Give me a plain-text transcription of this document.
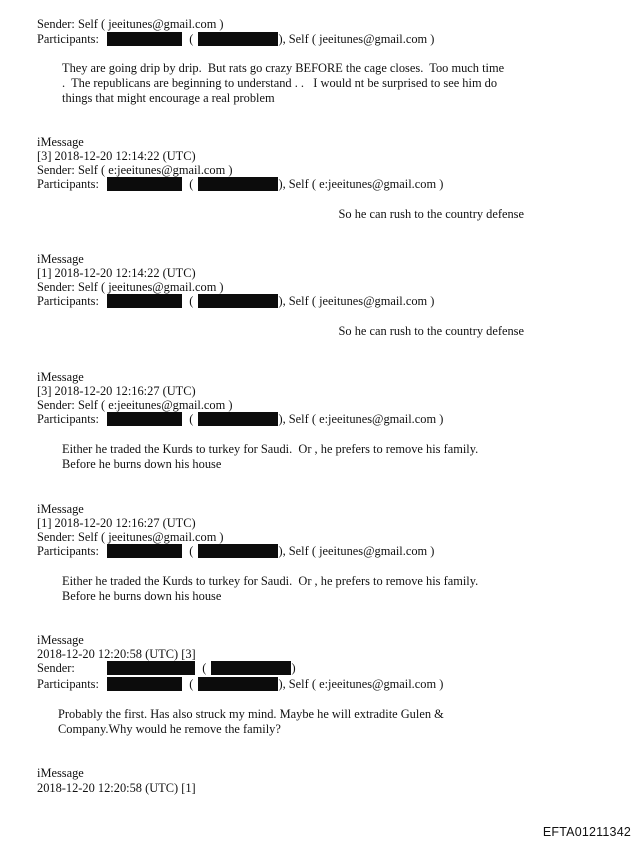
Sender: Self ( jeeitunes@gmail.com )
Participants:	(	), Self ( jeeitunes@gmail.com )
They are going drip by drip.  But rats go crazy BEFORE the cage closes.  Too much time
.  The republicans are beginning to understand . .   I would nt be surprised to see him do
things that might encourage a real problem
iMessage
[3] 2018-12-20 12:14:22 (UTC)
Sender: Self ( e:jeeitunes@gmail.com )
Participants:	(	), Self ( e:jeeitunes@gmail.com )
So he can rush to the country defense
iMessage
[1] 2018-12-20 12:14:22 (UTC)
Sender: Self ( jeeitunes@gmail.com )
Participants:	(	), Self ( jeeitunes@gmail.com )
So he can rush to the country defense
iMessage
[3] 2018-12-20 12:16:27 (UTC)
Sender: Self ( e:jeeitunes@gmail.com )
Participants:	(	), Self ( e:jeeitunes@gmail.com )
Either he traded the Kurds to turkey for Saudi.  Or , he prefers to remove his family.
Before he burns down his house
iMessage
[1] 2018-12-20 12:16:27 (UTC)
Sender: Self ( jeeitunes@gmail.com )
Participants:	(	), Self ( jeeitunes@gmail.com )
Either he traded the Kurds to turkey for Saudi.  Or , he prefers to remove his family.
Before he burns down his house
iMessage
2018-12-20 12:20:58 (UTC) [3]
Sender:	(	)
Participants:	(	), Self ( e:jeeitunes@gmail.com )
Probably the first. Has also struck my mind. Maybe he will extradite Gulen &
Company.Why would he remove the family?
iMessage
2018-12-20 12:20:58 (UTC) [1]
EFTA01211342
